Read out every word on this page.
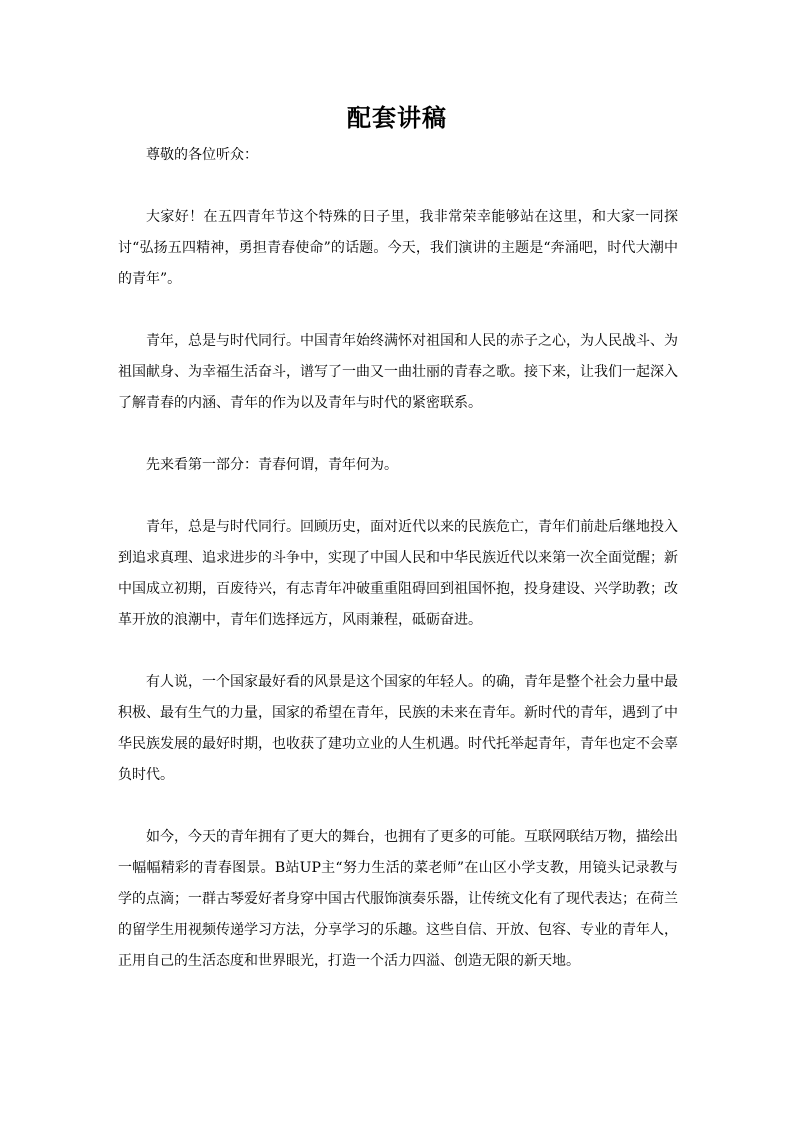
配套讲稿

尊敬的各位听众：

大家好！在五四青年节这个特殊的日子里，我非常荣幸能够站在这里，和大家一同探讨“弘扬五四精神，勇担青春使命”的话题。今天，我们演讲的主题是“奔涌吧，时代大潮中的青年”。

青年，总是与时代同行。中国青年始终满怀对祖国和人民的赤子之心，为人民战斗、为祖国献身、为幸福生活奋斗，谱写了一曲又一曲壮丽的青春之歌。接下来，让我们一起深入了解青春的内涵、青年的作为以及青年与时代的紧密联系。

先来看第一部分：青春何谓，青年何为。

青年，总是与时代同行。回顾历史，面对近代以来的民族危亡，青年们前赴后继地投入到追求真理、追求进步的斗争中，实现了中国人民和中华民族近代以来第一次全面觉醒；新中国成立初期，百废待兴，有志青年冲破重重阻碍回到祖国怀抱，投身建设、兴学助教；改革开放的浪潮中，青年们选择远方，风雨兼程，砥砺奋进。

有人说，一个国家最好看的风景是这个国家的年轻人。的确，青年是整个社会力量中最积极、最有生气的力量，国家的希望在青年，民族的未来在青年。新时代的青年，遇到了中华民族发展的最好时期，也收获了建功立业的人生机遇。时代托举起青年，青年也定不会辜负时代。

如今，今天的青年拥有了更大的舞台，也拥有了更多的可能。互联网联结万物，描绘出一幅幅精彩的青春图景。B站UP主“努力生活的菜老师”在山区小学支教，用镜头记录教与学的点滴；一群古琴爱好者身穿中国古代服饰演奏乐器，让传统文化有了现代表达；在荷兰的留学生用视频传递学习方法，分享学习的乐趣。这些自信、开放、包容、专业的青年人，正用自己的生活态度和世界眼光，打造一个活力四溢、创造无限的新天地。
